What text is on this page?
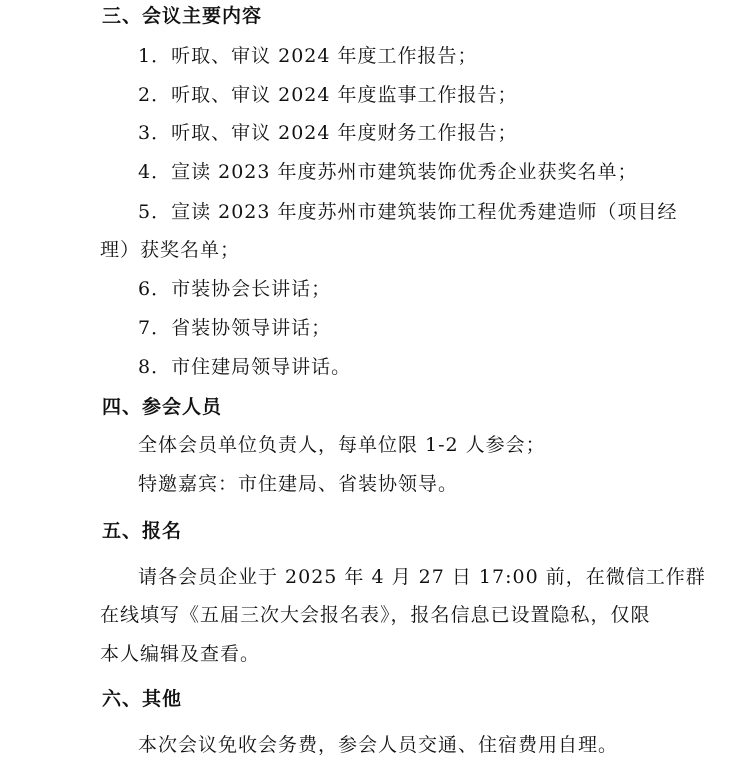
三、会议主要内容
1．听取、审议 2024 年度工作报告；
2．听取、审议 2024 年度监事工作报告；
3．听取、审议 2024 年度财务工作报告；
4．宣读 2023 年度苏州市建筑装饰优秀企业获奖名单；
5．宣读 2023 年度苏州市建筑装饰工程优秀建造师（项目经
理）获奖名单；
6．市装协会长讲话；
7．省装协领导讲话；
8．市住建局领导讲话。
四、参会人员
全体会员单位负责人，每单位限 1-2 人参会；
特邀嘉宾：市住建局、省装协领导。
五、报名
请各会员企业于 2025 年 4 月 27 日 17:00 前，在微信工作群
在线填写《五届三次大会报名表》，报名信息已设置隐私，仅限
本人编辑及查看。
六、其他
本次会议免收会务费，参会人员交通、住宿费用自理。
